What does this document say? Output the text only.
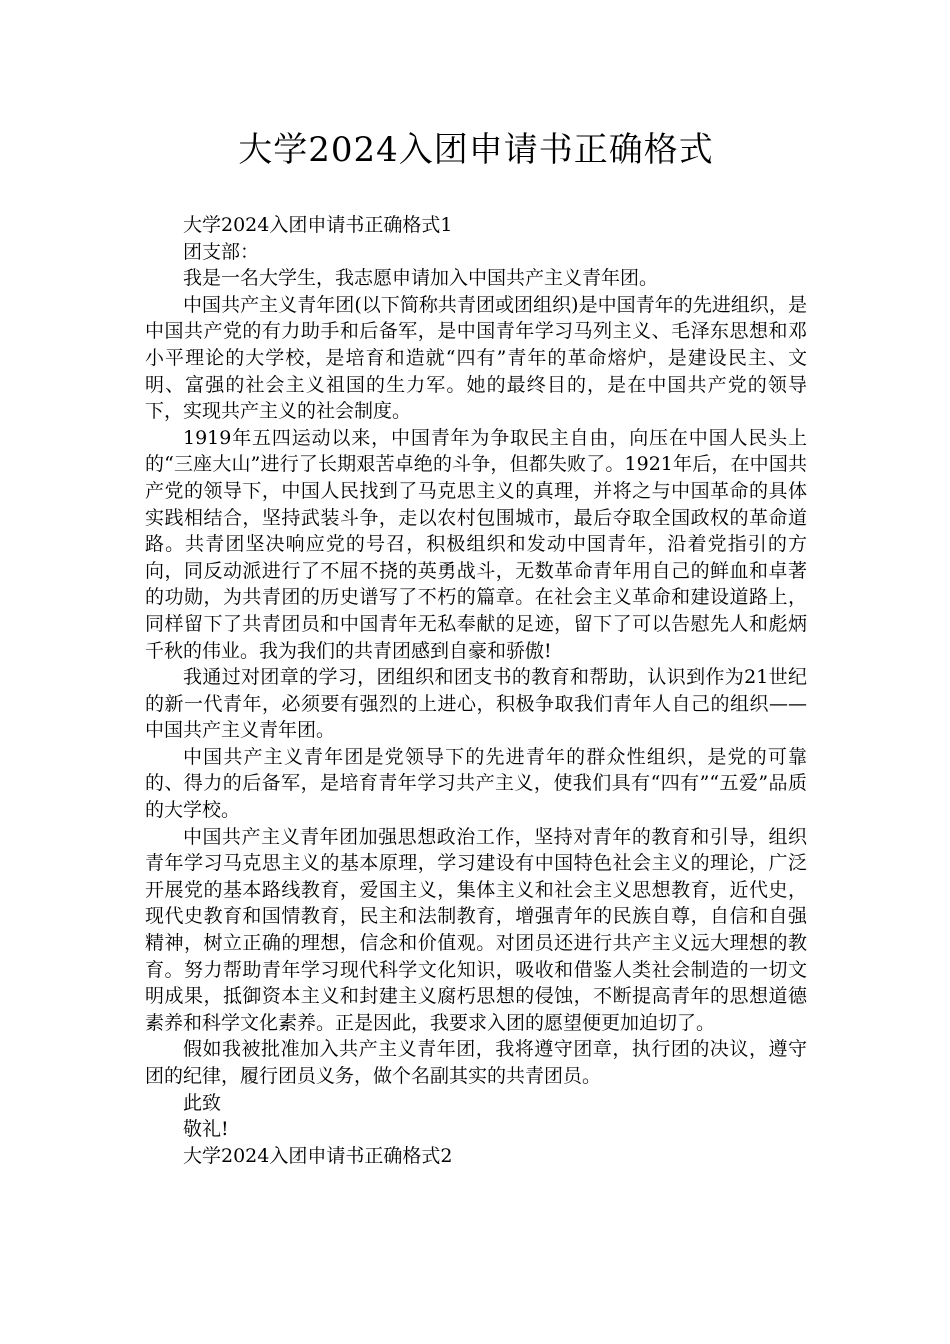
大学2024入团申请书正确格式

大学2024入团申请书正确格式1

团支部：

我是一名大学生，我志愿申请加入中国共产主义青年团。

中国共产主义青年团(以下简称共青团或团组织)是中国青年的先进组织，是中国共产党的有力助手和后备军，是中国青年学习马列主义、毛泽东思想和邓小平理论的大学校，是培育和造就“四有”青年的革命熔炉，是建设民主、文明、富强的社会主义祖国的生力军。她的最终目的，是在中国共产党的领导下，实现共产主义的社会制度。

1919年五四运动以来，中国青年为争取民主自由，向压在中国人民头上的“三座大山”进行了长期艰苦卓绝的斗争，但都失败了。1921年后，在中国共产党的领导下，中国人民找到了马克思主义的真理，并将之与中国革命的具体实践相结合，坚持武装斗争，走以农村包围城市，最后夺取全国政权的革命道路。共青团坚决响应党的号召，积极组织和发动中国青年，沿着党指引的方向，同反动派进行了不屈不挠的英勇战斗，无数革命青年用自己的鲜血和卓著的功勋，为共青团的历史谱写了不朽的篇章。在社会主义革命和建设道路上，同样留下了共青团员和中国青年无私奉献的足迹，留下了可以告慰先人和彪炳千秋的伟业。我为我们的共青团感到自豪和骄傲!

我通过对团章的学习，团组织和团支书的教育和帮助，认识到作为21世纪的新一代青年，必须要有强烈的上进心，积极争取我们青年人自己的组织——中国共产主义青年团。

中国共产主义青年团是党领导下的先进青年的群众性组织，是党的可靠的、得力的后备军，是培育青年学习共产主义，使我们具有“四有”“五爱”品质的大学校。

中国共产主义青年团加强思想政治工作，坚持对青年的教育和引导，组织青年学习马克思主义的基本原理，学习建设有中国特色社会主义的理论，广泛开展党的基本路线教育，爱国主义，集体主义和社会主义思想教育，近代史，现代史教育和国情教育，民主和法制教育，增强青年的民族自尊，自信和自强精神，树立正确的理想，信念和价值观。对团员还进行共产主义远大理想的教育。努力帮助青年学习现代科学文化知识，吸收和借鉴人类社会制造的一切文明成果，抵御资本主义和封建主义腐朽思想的侵蚀，不断提高青年的思想道德素养和科学文化素养。正是因此，我要求入团的愿望便更加迫切了。

假如我被批准加入共产主义青年团，我将遵守团章，执行团的决议，遵守团的纪律，履行团员义务，做个名副其实的共青团员。

此致

敬礼!

大学2024入团申请书正确格式2
